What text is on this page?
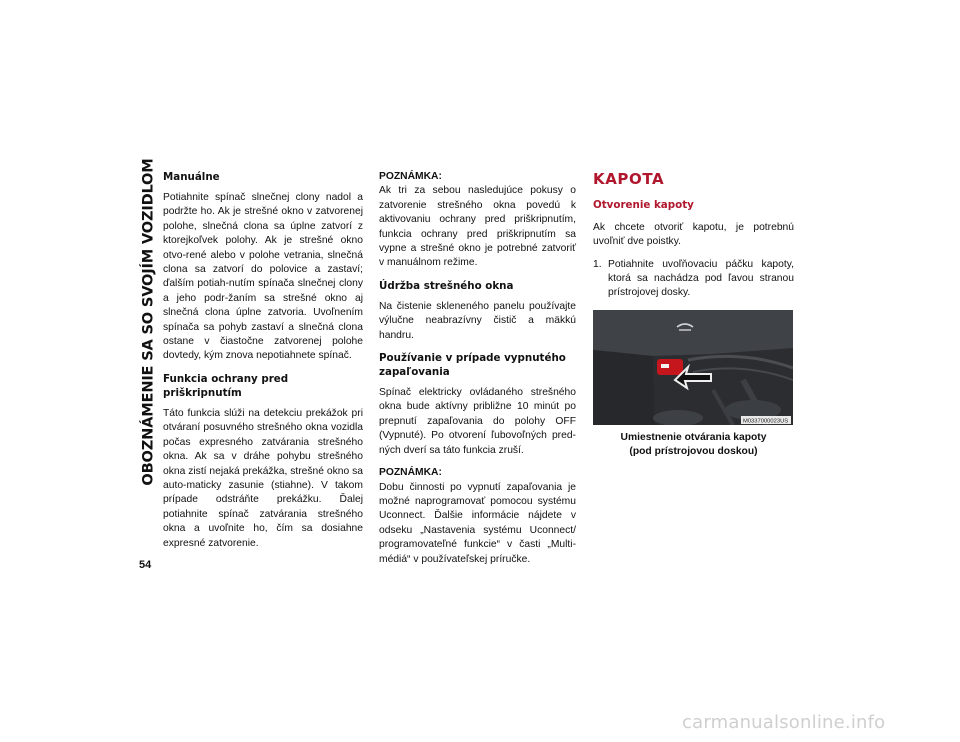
OBOZNÁMENIE SA SO SVOJÍM VOZIDLOM
54
Manuálne

Potiahnite spínač slnečnej clony nadol a podržte ho. Ak je strešné okno v zatvorenej polohe, slnečná clona sa úplne zatvorí z ktorejkoľvek polohy. Ak je strešné okno otvo-rené alebo v polohe vetrania, slnečná clona sa zatvorí do polovice a zastaví; ďalším potiah-nutím spínača slnečnej clony a jeho podr-žaním sa strešné okno aj slnečná clona úplne zatvoria. Uvoľnením spínača sa pohyb zastaví a slnečná clona ostane v čiastočne zatvorenej polohe dovtedy, kým znova nepotiahnete spínač.

Funkcia ochrany pred priškripnutím

Táto funkcia slúži na detekciu prekážok pri otváraní posuvného strešného okna vozidla počas expresného zatvárania strešného okna. Ak sa v dráhe pohybu strešného okna zistí nejaká prekážka, strešné okno sa auto-maticky zasunie (stiahne). V takom prípade odstráňte prekážku. Ďalej potiahnite spínač zatvárania strešného okna a uvoľnite ho, čím sa dosiahne expresné zatvorenie.

POZNÁMKA:
Ak tri za sebou nasledujúce pokusy o zatvorenie strešného okna povedú k aktivovaniu ochrany pred priškripnutím, funkcia ochrany pred priškripnutím sa vypne a strešné okno je potrebné zatvoriť v manuálnom režime.

Údržba strešného okna

Na čistenie skleneného panelu používajte výlučne neabrazívny čistič a mäkkú handru.

Používanie v prípade vypnutého zapaľovania

Spínač elektricky ovládaného strešného okna bude aktívny približne 10 minút po prepnutí zapaľovania do polohy OFF (Vypnuté). Po otvorení ľubovoľných pred-ných dverí sa táto funkcia zruší.

POZNÁMKA:
Dobu činnosti po vypnutí zapaľovania je možné naprogramovať pomocou systému Uconnect. Ďalšie informácie nájdete v odseku „Nastavenia systému Uconnect/ programovateľné funkcie“ v časti „Multi-médiá“ v používateľskej príručke.

KAPOTA
Otvorenie kapoty

Ak chcete otvoriť kapotu, je potrebnú uvoľniť dve poistky.

1. Potiahnite uvoľňovaciu páčku kapoty, ktorá sa nachádza pod ľavou stranou prístrojovej dosky.
M0337000023US
Umiestnenie otvárania kapoty
(pod prístrojovou doskou)
carmanualsonline.info
